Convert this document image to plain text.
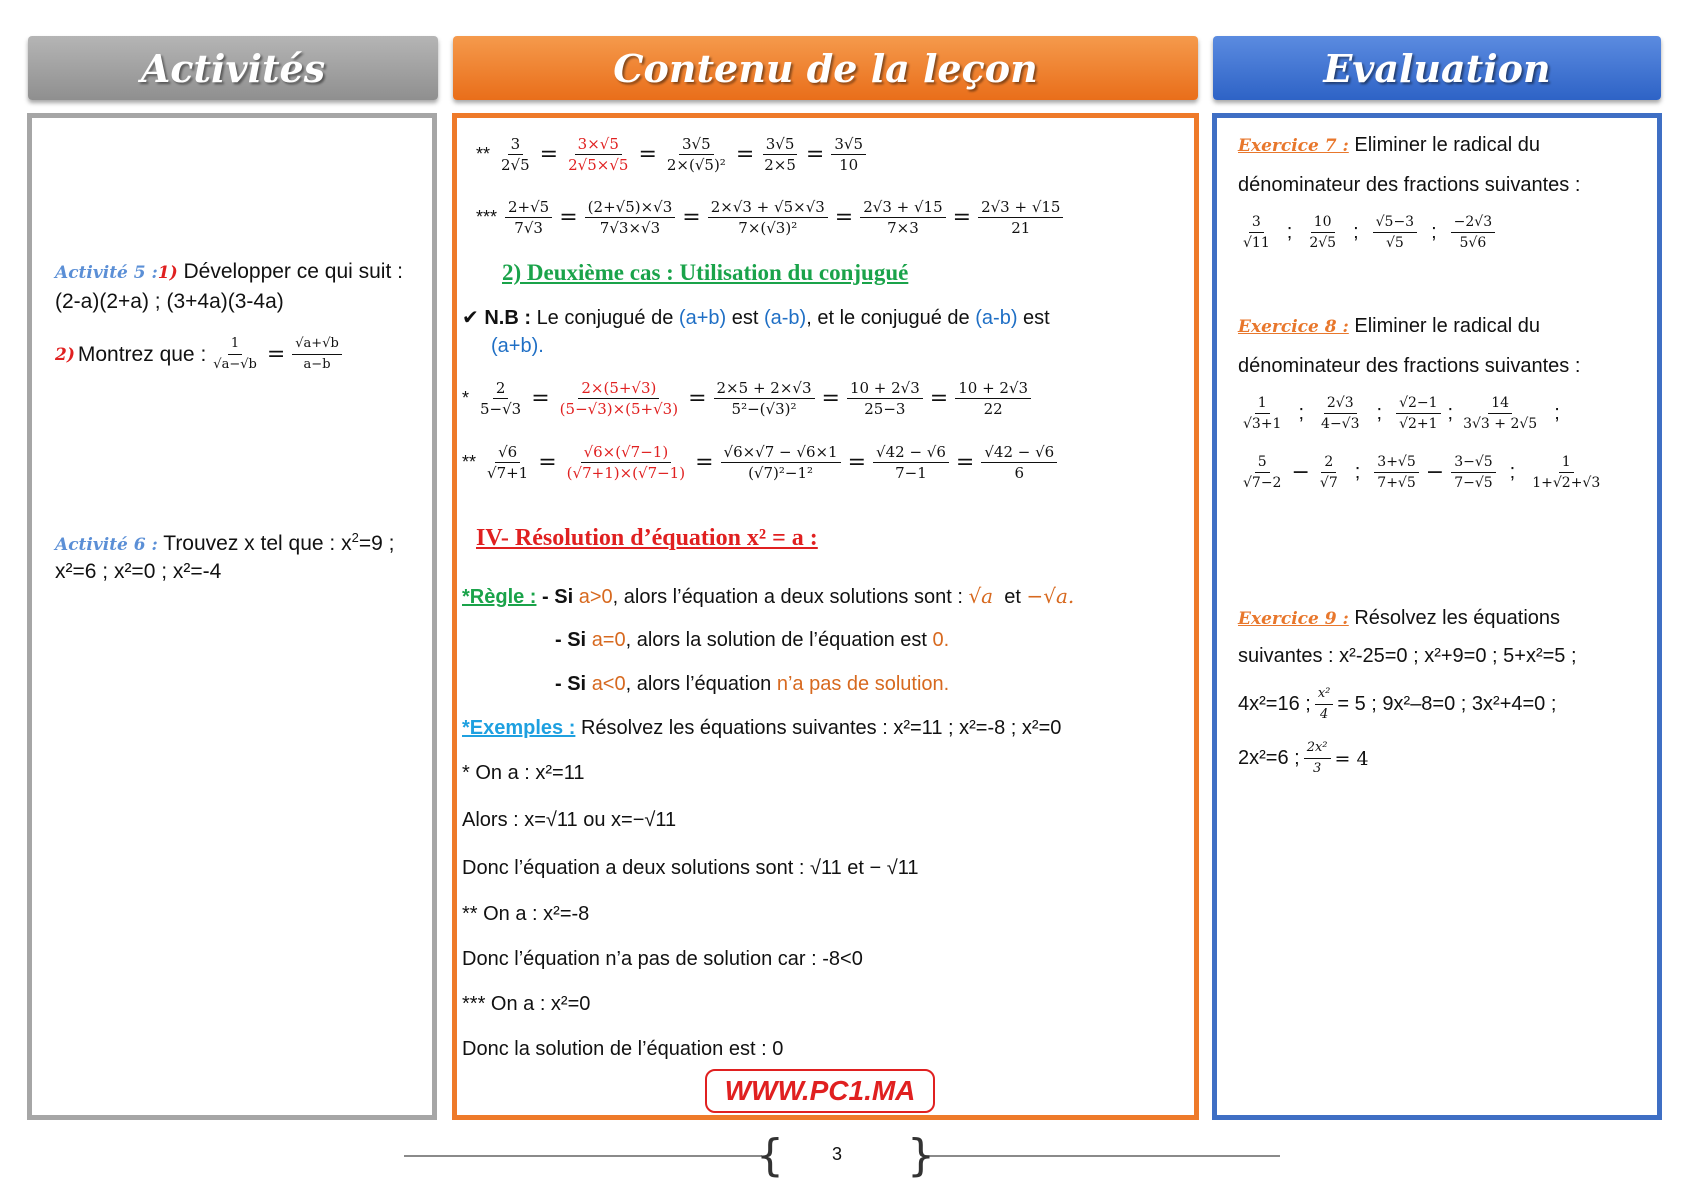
Activités	Contenu de la leçon	Evaluation
Activité 5 :1) Développer ce qui suit :
(2-a)(2+a) ; (3+4a)(3-4a)
2) Montrez que : $\frac{1}{√a-√b} = \frac{√a+√b}{a-b}$
Activité 6 : Trouvez x tel que : $x^2=9$ ;
x²=6 ; x²=0 ; x²=-4
** $\frac{3}{2√5} = \frac{3\times√5}{2√5\times√5} = \frac{3√5}{\text{2×(√5)²}} = \frac{3√5}{2\times 5} = \frac{3√5}{10}$
*** $\frac{2+√5}{7√3} = \frac{(2+√5)\times√3}{7√3\times√3} = \frac{2\times√3 + √5\times√3}{\text{7×(√3)²}} = \frac{2√3 + √15}{7\times 3} = \frac{2√3 + √15}{21}$
2) Deuxième cas : Utilisation du conjugué
✔ N.B : Le conjugué de (a+b) est (a-b), et le conjugué de (a-b) est
(a+b).
* $\frac{2}{5-√3} = \frac{2\times(5+√3)}{(5-√3)\times(5+√3)} = \frac{2\times 5 + 2\times√3}{\text{5²−(√3)²}} = \frac{10 + 2√3}{25-3} = \frac{10 + 2√3}{22}$
** $\frac{√6}{√7+1} = \frac{√6\times(√7-1)}{(√7+1)\times(√7-1)} = \frac{√6\times√7 - √6\times 1}{\text{(√7)²−1²}} = \frac{√42 - √6}{7-1} = \frac{√42 - √6}{6}$
IV- Résolution d’équation x² = a :
*Règle : - Si a>0, alors l’équation a deux solutions sont : √a et −√a.
- Si a=0, alors la solution de l’équation est 0.
- Si a<0, alors l’équation n’a pas de solution.
*Exemples : Résolvez les équations suivantes : x²=11 ; x²=-8 ; x²=0
* On a : x²=11
Alors : x=√11 ou x=−√11
Donc l’équation a deux solutions sont : √11 et − √11
** On a : x²=-8
Donc l’équation n’a pas de solution car : -8<0
*** On a : x²=0
Donc la solution de l’équation est : 0
WWW.PC1.MA
Exercice 7 : Eliminer le radical du
dénominateur des fractions suivantes :
$\frac{3}{√11}$ ; $\frac{10}{2√5}$ ; $\frac{√5-3}{√5}$ ; $\frac{-2√3}{5√6}$
Exercice 8 : Eliminer le radical du
dénominateur des fractions suivantes :
$\frac{1}{√3+1}$ ; $\frac{2√3}{4-√3}$ ; $\frac{√2-1}{√2+1}$ ; $\frac{14}{3√3 + 2√5}$ ;
$\frac{5}{√7-2} - \frac{2}{√7}$ ; $\frac{3+√5}{7+√5} - \frac{3-√5}{7-√5}$ ; $\frac{1}{1+√2+√3}$
Exercice 9 : Résolvez les équations
suivantes : x²-25=0 ; x²+9=0 ; 5+x²=5 ;
4x²=16 ; $\frac{\text{x²}}{4} = 5$ ; 9x²–8=0 ; 3x²+4=0 ;
2x²=6 ; $\frac{\text{2x²}}{3} = 4$
{	}
3
